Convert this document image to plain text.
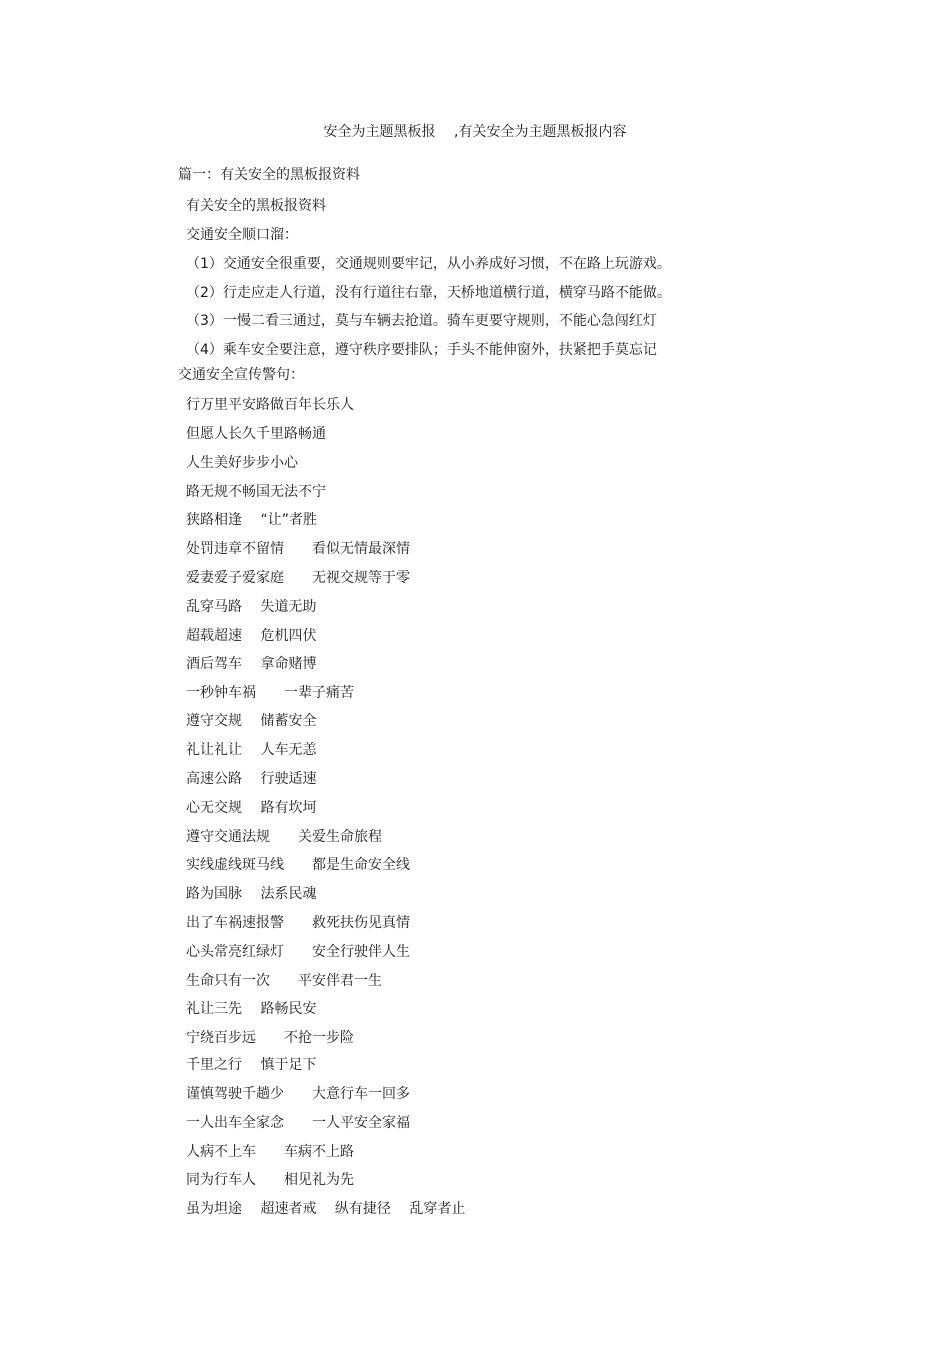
安全为主题黑板报　 ,有关安全为主题黑板报内容
篇一：有关安全的黑板报资料
有关安全的黑板报资料
交通安全顺口溜：
（1）交通安全很重要，交通规则要牢记，从小养成好习惯，不在路上玩游戏。
（2）行走应走人行道，没有行道往右靠，天桥地道横行道，横穿马路不能做。
（3）一慢二看三通过，莫与车辆去抢道。骑车更要守规则，不能心急闯红灯
（4）乘车安全要注意，遵守秩序要排队；手头不能伸窗外，扶紧把手莫忘记
交通安全宣传警句：
行万里平安路做百年长乐人
但愿人长久千里路畅通
人生美好步步小心
路无规不畅国无法不宁
狭路相逢　 “让”者胜
处罚违章不留情　　看似无情最深情
爱妻爱子爱家庭　　无视交规等于零
乱穿马路　 失道无助
超载超速　 危机四伏
酒后驾车　 拿命赌博
一秒钟车祸　　一辈子痛苦
遵守交规　 储蓄安全
礼让礼让　 人车无恙
高速公路　 行驶适速
心无交规　 路有坎坷
遵守交通法规　　关爱生命旅程
实线虚线斑马线　　都是生命安全线
路为国脉　 法系民魂
出了车祸速报警　　救死扶伤见真情
心头常亮红绿灯　　安全行驶伴人生
生命只有一次　　平安伴君一生
礼让三先　 路畅民安
宁绕百步远　　不抢一步险
千里之行　 慎于足下
谨慎驾驶千趟少　　大意行车一回多
一人出车全家念　　一人平安全家福
人病不上车　　车病不上路
同为行车人　　相见礼为先
虽为坦途　 超速者戒　 纵有捷径　 乱穿者止
